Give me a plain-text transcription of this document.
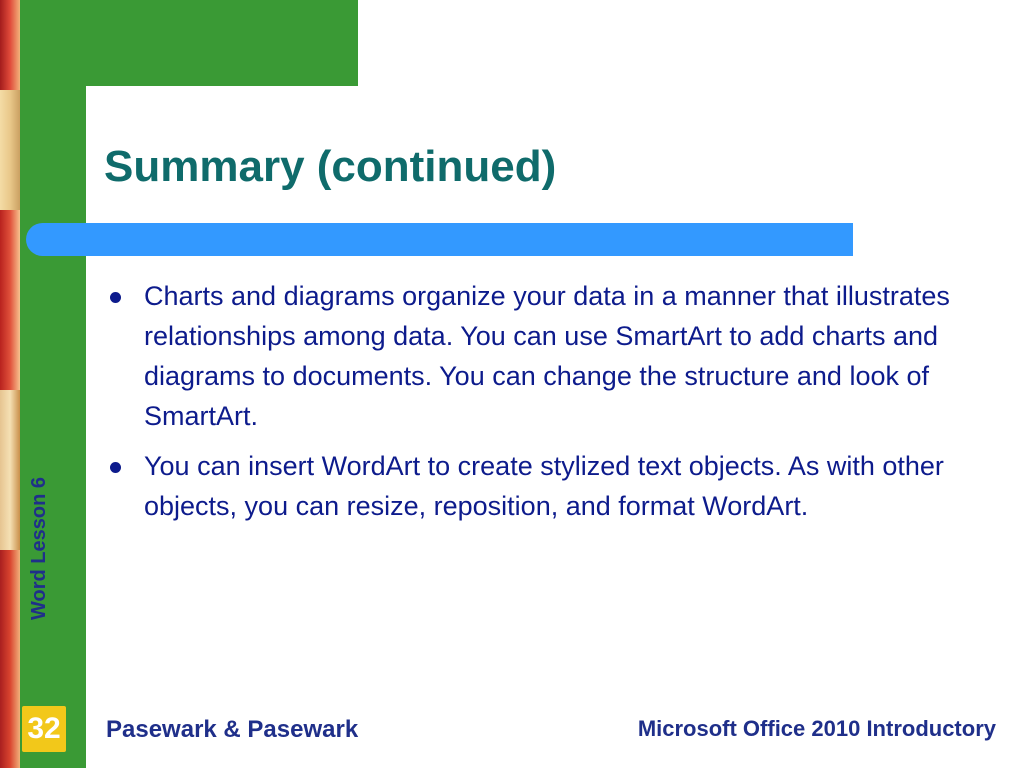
Word Lesson 6
Summary (continued)
Charts and diagrams organize your data in a manner that illustrates relationships among data. You can use SmartArt to add charts and diagrams to documents. You can change the structure and look of SmartArt.
You can insert WordArt to create stylized text objects. As with other objects, you can resize, reposition, and format WordArt.
32 Pasewark & Pasewark	Microsoft Office 2010 Introductory
